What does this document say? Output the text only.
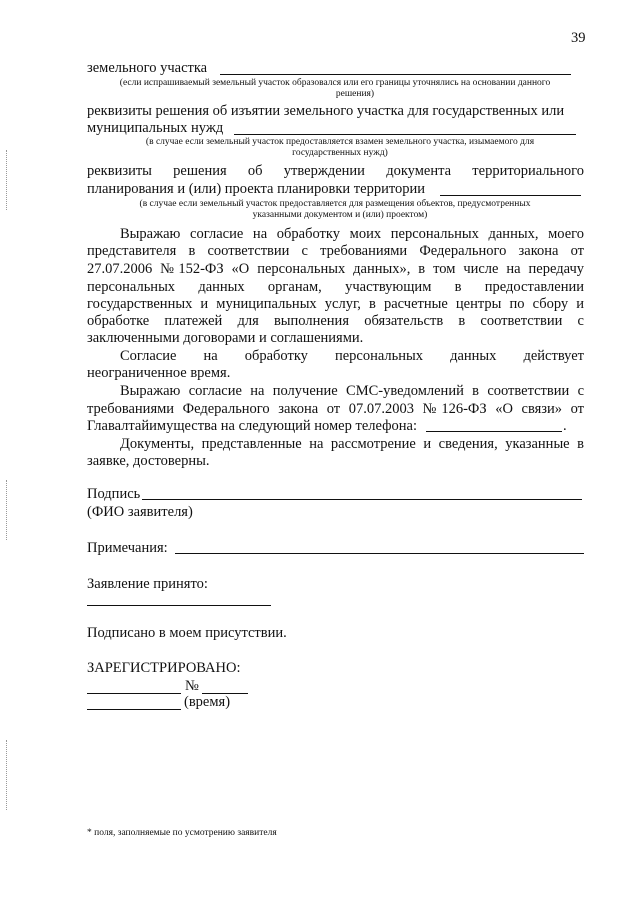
39
земельного участка
(если испрашиваемый земельный участок образовался или его границы уточнялись на основании данного
решения)
реквизиты решения об изъятии земельного участка для государственных или
муниципальных нужд
(в случае если земельный участок предоставляется взамен земельного участка, изымаемого для
государственных нужд)
реквизиты решения об утверждении документа территориального
планирования и (или) проекта планировки территории
(в случае если земельный участок предоставляется для размещения объектов, предусмотренных
указанными документом и (или) проектом)
Выражаю согласие на обработку моих персональных данных, моего
представителя в соответствии с требованиями Федерального закона от
27.07.2006 №152-ФЗ «О персональных данных», в том числе на передачу
персональных данных органам, участвующим в предоставлении
государственных и муниципальных услуг, в расчетные центры по сбору и
обработке платежей для выполнения обязательств в соответствии с
заключенными договорами и соглашениями.
Согласие на обработку персональных данных действует
неограниченное время.
Выражаю согласие на получение СМС-уведомлений в соответствии с
требованиями Федерального закона от 07.07.2003 №126-ФЗ «О связи» от
Главалтайимущества на следующий номер телефона:	.
Документы, представленные на рассмотрение и сведения, указанные в
заявке, достоверны.
Подпись
(ФИО заявителя)
Примечания:
Заявление принято:
Подписано в моем присутствии.
ЗАРЕГИСТРИРОВАНО:
№
(время)
* поля, заполняемые по усмотрению заявителя
